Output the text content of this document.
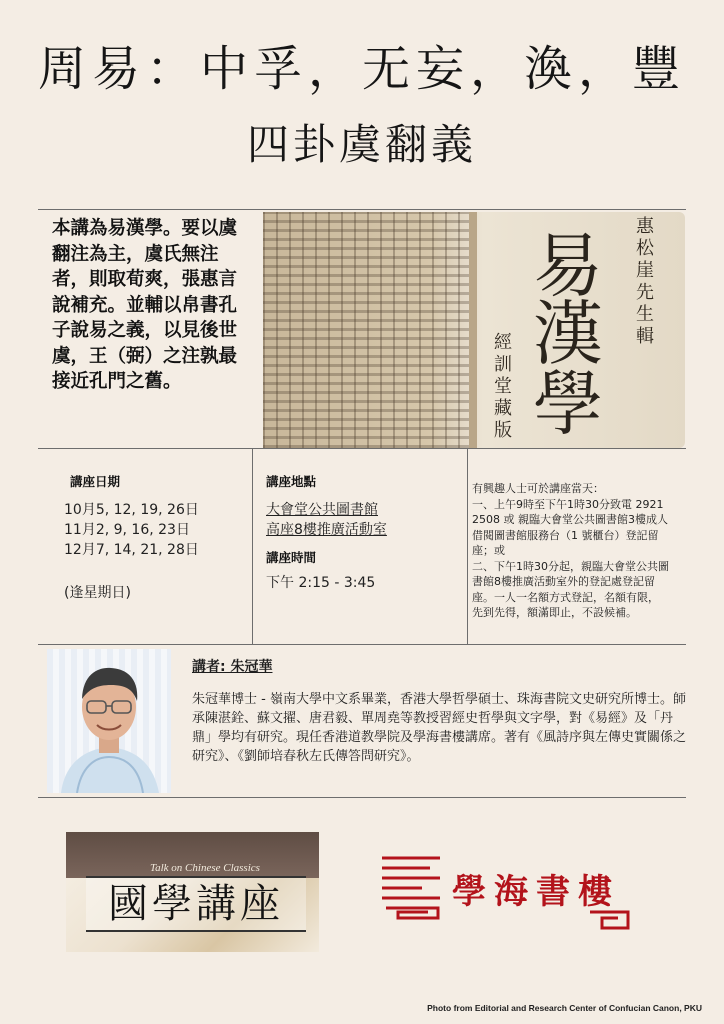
周易：中孚，无妄，渙，豐
四卦虞翻義
本講為易漢學。要以虞翻注為主，虞氏無注者，則取荀爽，張惠言說補充。並輔以帛書孔子說易之義，以見後世虞，王（弼）之注孰最接近孔門之舊。
易
漢
學
惠松崖先生輯
經訓堂藏版
講座日期
10月5, 12, 19, 26日
11月2, 9, 16, 23日
12月7, 14, 21, 28日
(逢星期日)
講座地點
大會堂公共圖書館
高座8樓推廣活動室
講座時間
下午 2:15 - 3:45
有興趣人士可於講座當天：
一、上午9時至下午1時30分致電 2921
2508 或 親臨大會堂公共圖書館3樓成人
借閱圖書館服務台（1 號櫃台）登記留
座；或
二、下午1時30分起，親臨大會堂公共圖
書館8樓推廣活動室外的登記處登記留
座。一人一名額方式登記，名額有限，
先到先得，額滿即止，不設候補。
講者: 朱冠華
朱冠華博士 - 嶺南大學中文系畢業，香港大學哲學碩士、珠海書院文史研究所博士。師承陳湛銓、蘇文擢、唐君毅、單周堯等教授習經史哲學與文字學，對《易經》及「丹鼎」學均有研究。現任香港道教學院及學海書樓講席。著有《風詩序與左傳史實關係之研究》、《劉師培春秋左氏傳答問研究》。
Talk on Chinese Classics
國學講座	學海書樓
Photo from Editorial and Research Center of Confucian Canon, PKU
